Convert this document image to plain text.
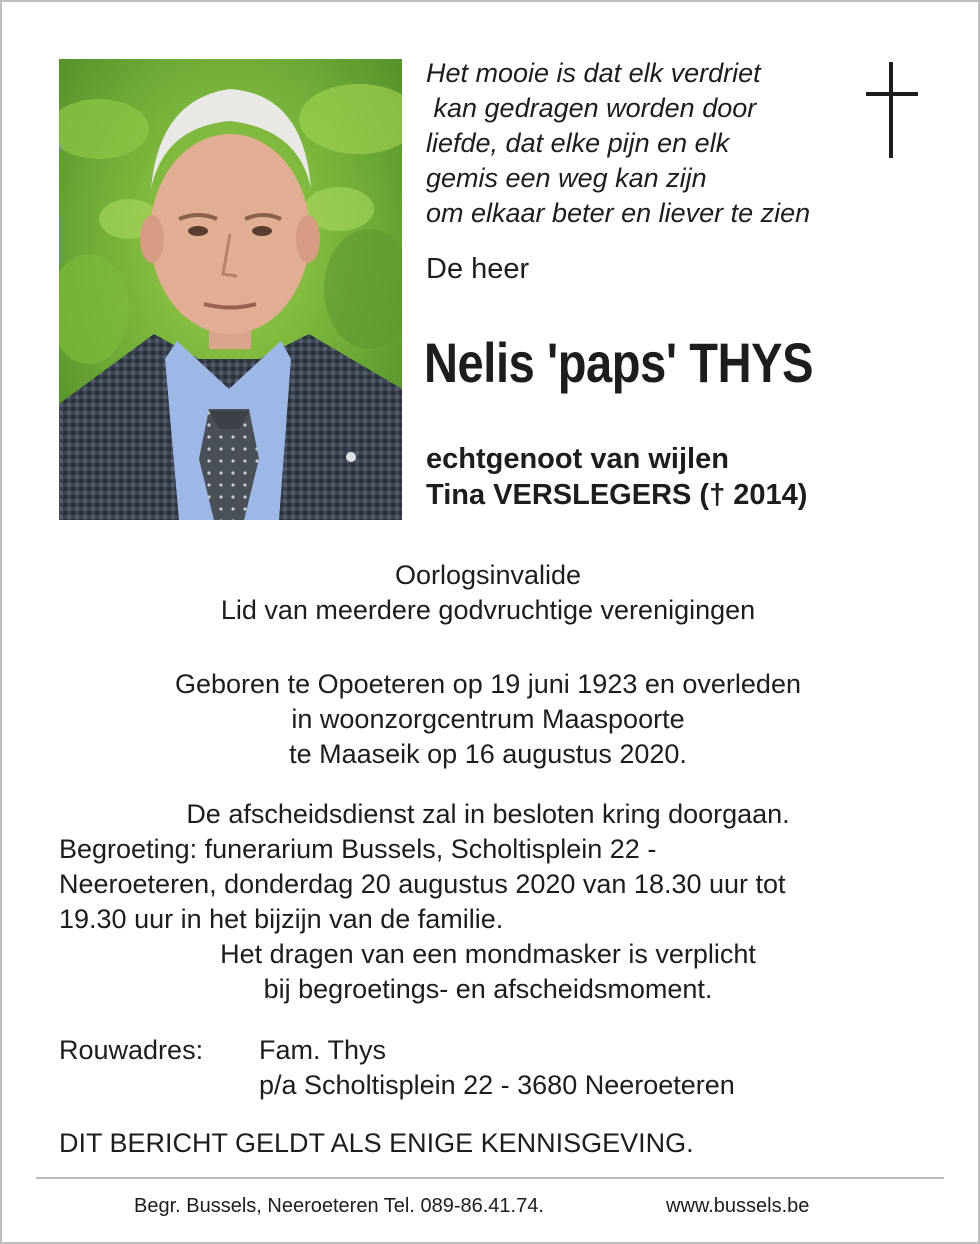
Het mooie is dat elk verdriet
kan gedragen worden door
liefde, dat elke pijn en elk
gemis een weg kan zijn
om elkaar beter en liever te zien
De heer
Nelis 'paps' THYS
echtgenoot van wijlen
Tina VERSLEGERS († 2014)
Oorlogsinvalide
Lid van meerdere godvruchtige verenigingen
Geboren te Opoeteren op 19 juni 1923 en overleden
in woonzorgcentrum Maaspoorte
te Maaseik op 16 augustus 2020.
De afscheidsdienst zal in besloten kring doorgaan.
Begroeting: funerarium Bussels, Scholtisplein 22 -
Neeroeteren, donderdag 20 augustus 2020 van 18.30 uur tot
19.30 uur in het bijzijn van de familie.
Het dragen van een mondmasker is verplicht
bij begroetings- en afscheidsmoment.
Rouwadres: Fam. Thys
p/a Scholtisplein 22 - 3680 Neeroeteren
DIT BERICHT GELDT ALS ENIGE KENNISGEVING.
Begr. Bussels, Neeroeteren Tel. 089-86.41.74.	www.bussels.be
